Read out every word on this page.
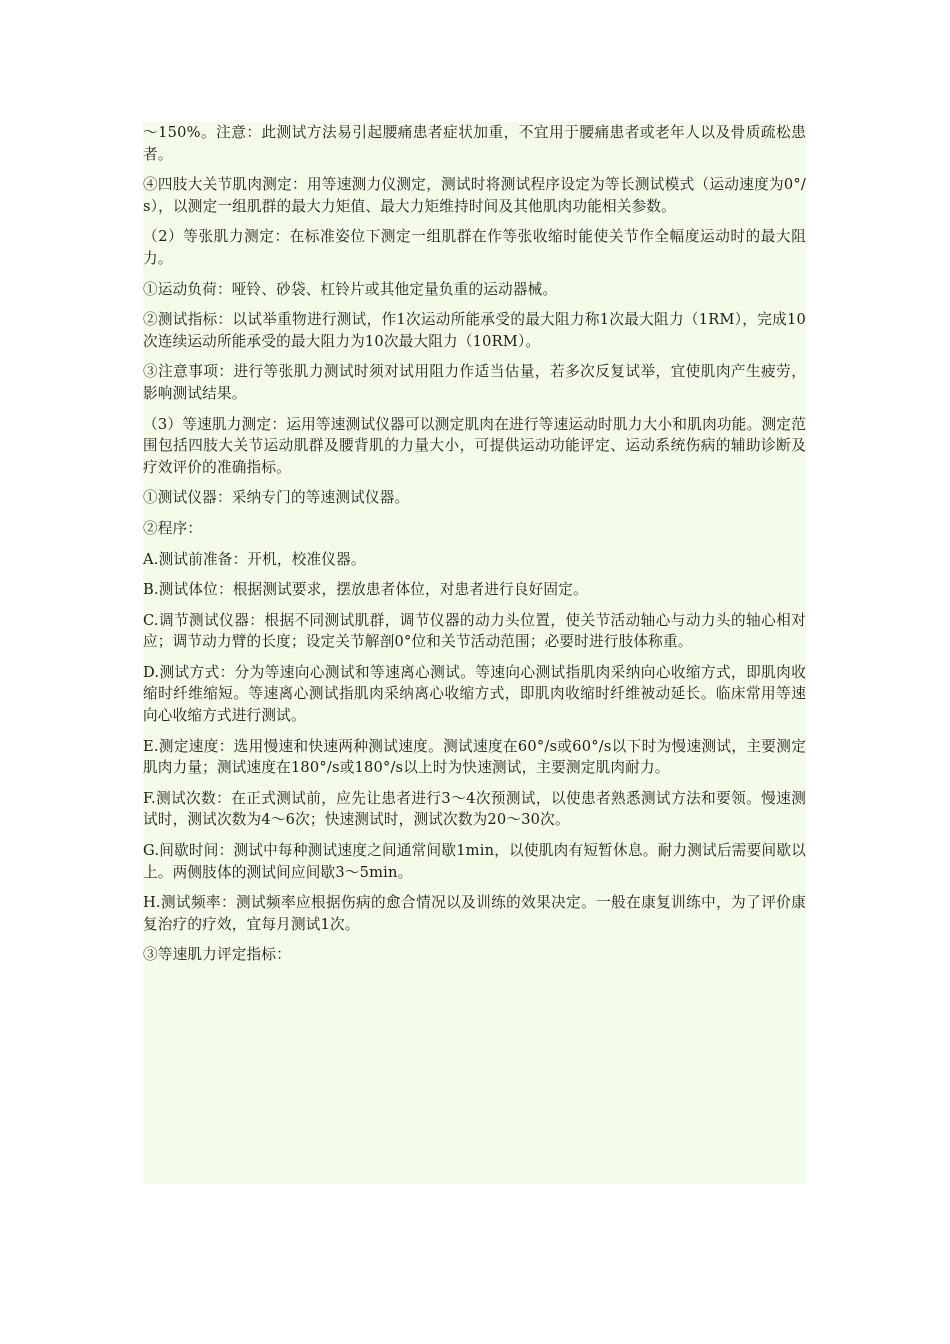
～150%。注意：此测试方法易引起腰痛患者症状加重，不宜用于腰痛患者或老年人以及骨质疏松患者。

④四肢大关节肌肉测定：用等速测力仪测定，测试时将测试程序设定为等长测试模式（运动速度为0°/s），以测定一组肌群的最大力矩值、最大力矩维持时间及其他肌肉功能相关参数。

（2）等张肌力测定：在标准姿位下测定一组肌群在作等张收缩时能使关节作全幅度运动时的最大阻力。

①运动负荷：哑铃、砂袋、杠铃片或其他定量负重的运动器械。

②测试指标：以试举重物进行测试，作1次运动所能承受的最大阻力称1次最大阻力（1RM），完成10次连续运动所能承受的最大阻力为10次最大阻力（10RM）。

③注意事项：进行等张肌力测试时须对试用阻力作适当估量，若多次反复试举，宜使肌肉产生疲劳，影响测试结果。

（3）等速肌力测定：运用等速测试仪器可以测定肌肉在进行等速运动时肌力大小和肌肉功能。测定范围包括四肢大关节运动肌群及腰背肌的力量大小，可提供运动功能评定、运动系统伤病的辅助诊断及疗效评价的准确指标。

①测试仪器：采纳专门的等速测试仪器。

②程序：

A.测试前准备：开机，校准仪器。

B.测试体位：根据测试要求，摆放患者体位，对患者进行良好固定。

C.调节测试仪器：根据不同测试肌群，调节仪器的动力头位置，使关节活动轴心与动力头的轴心相对应；调节动力臂的长度；设定关节解剖0°位和关节活动范围；必要时进行肢体称重。

D.测试方式：分为等速向心测试和等速离心测试。等速向心测试指肌肉采纳向心收缩方式，即肌肉收缩时纤维缩短。等速离心测试指肌肉采纳离心收缩方式，即肌肉收缩时纤维被动延长。临床常用等速向心收缩方式进行测试。

E.测定速度：选用慢速和快速两种测试速度。测试速度在60°/s或60°/s以下时为慢速测试，主要测定肌肉力量；测试速度在180°/s或180°/s以上时为快速测试，主要测定肌肉耐力。

F.测试次数：在正式测试前，应先让患者进行3～4次预测试，以使患者熟悉测试方法和要领。慢速测试时，测试次数为4～6次；快速测试时，测试次数为20～30次。

G.间歇时间：测试中每种测试速度之间通常间歇1min，以使肌肉有短暂休息。耐力测试后需要间歇以上。两侧肢体的测试间应间歇3～5min。

H.测试频率：测试频率应根据伤病的愈合情况以及训练的效果决定。一般在康复训练中，为了评价康复治疗的疗效，宜每月测试1次。

③等速肌力评定指标：
